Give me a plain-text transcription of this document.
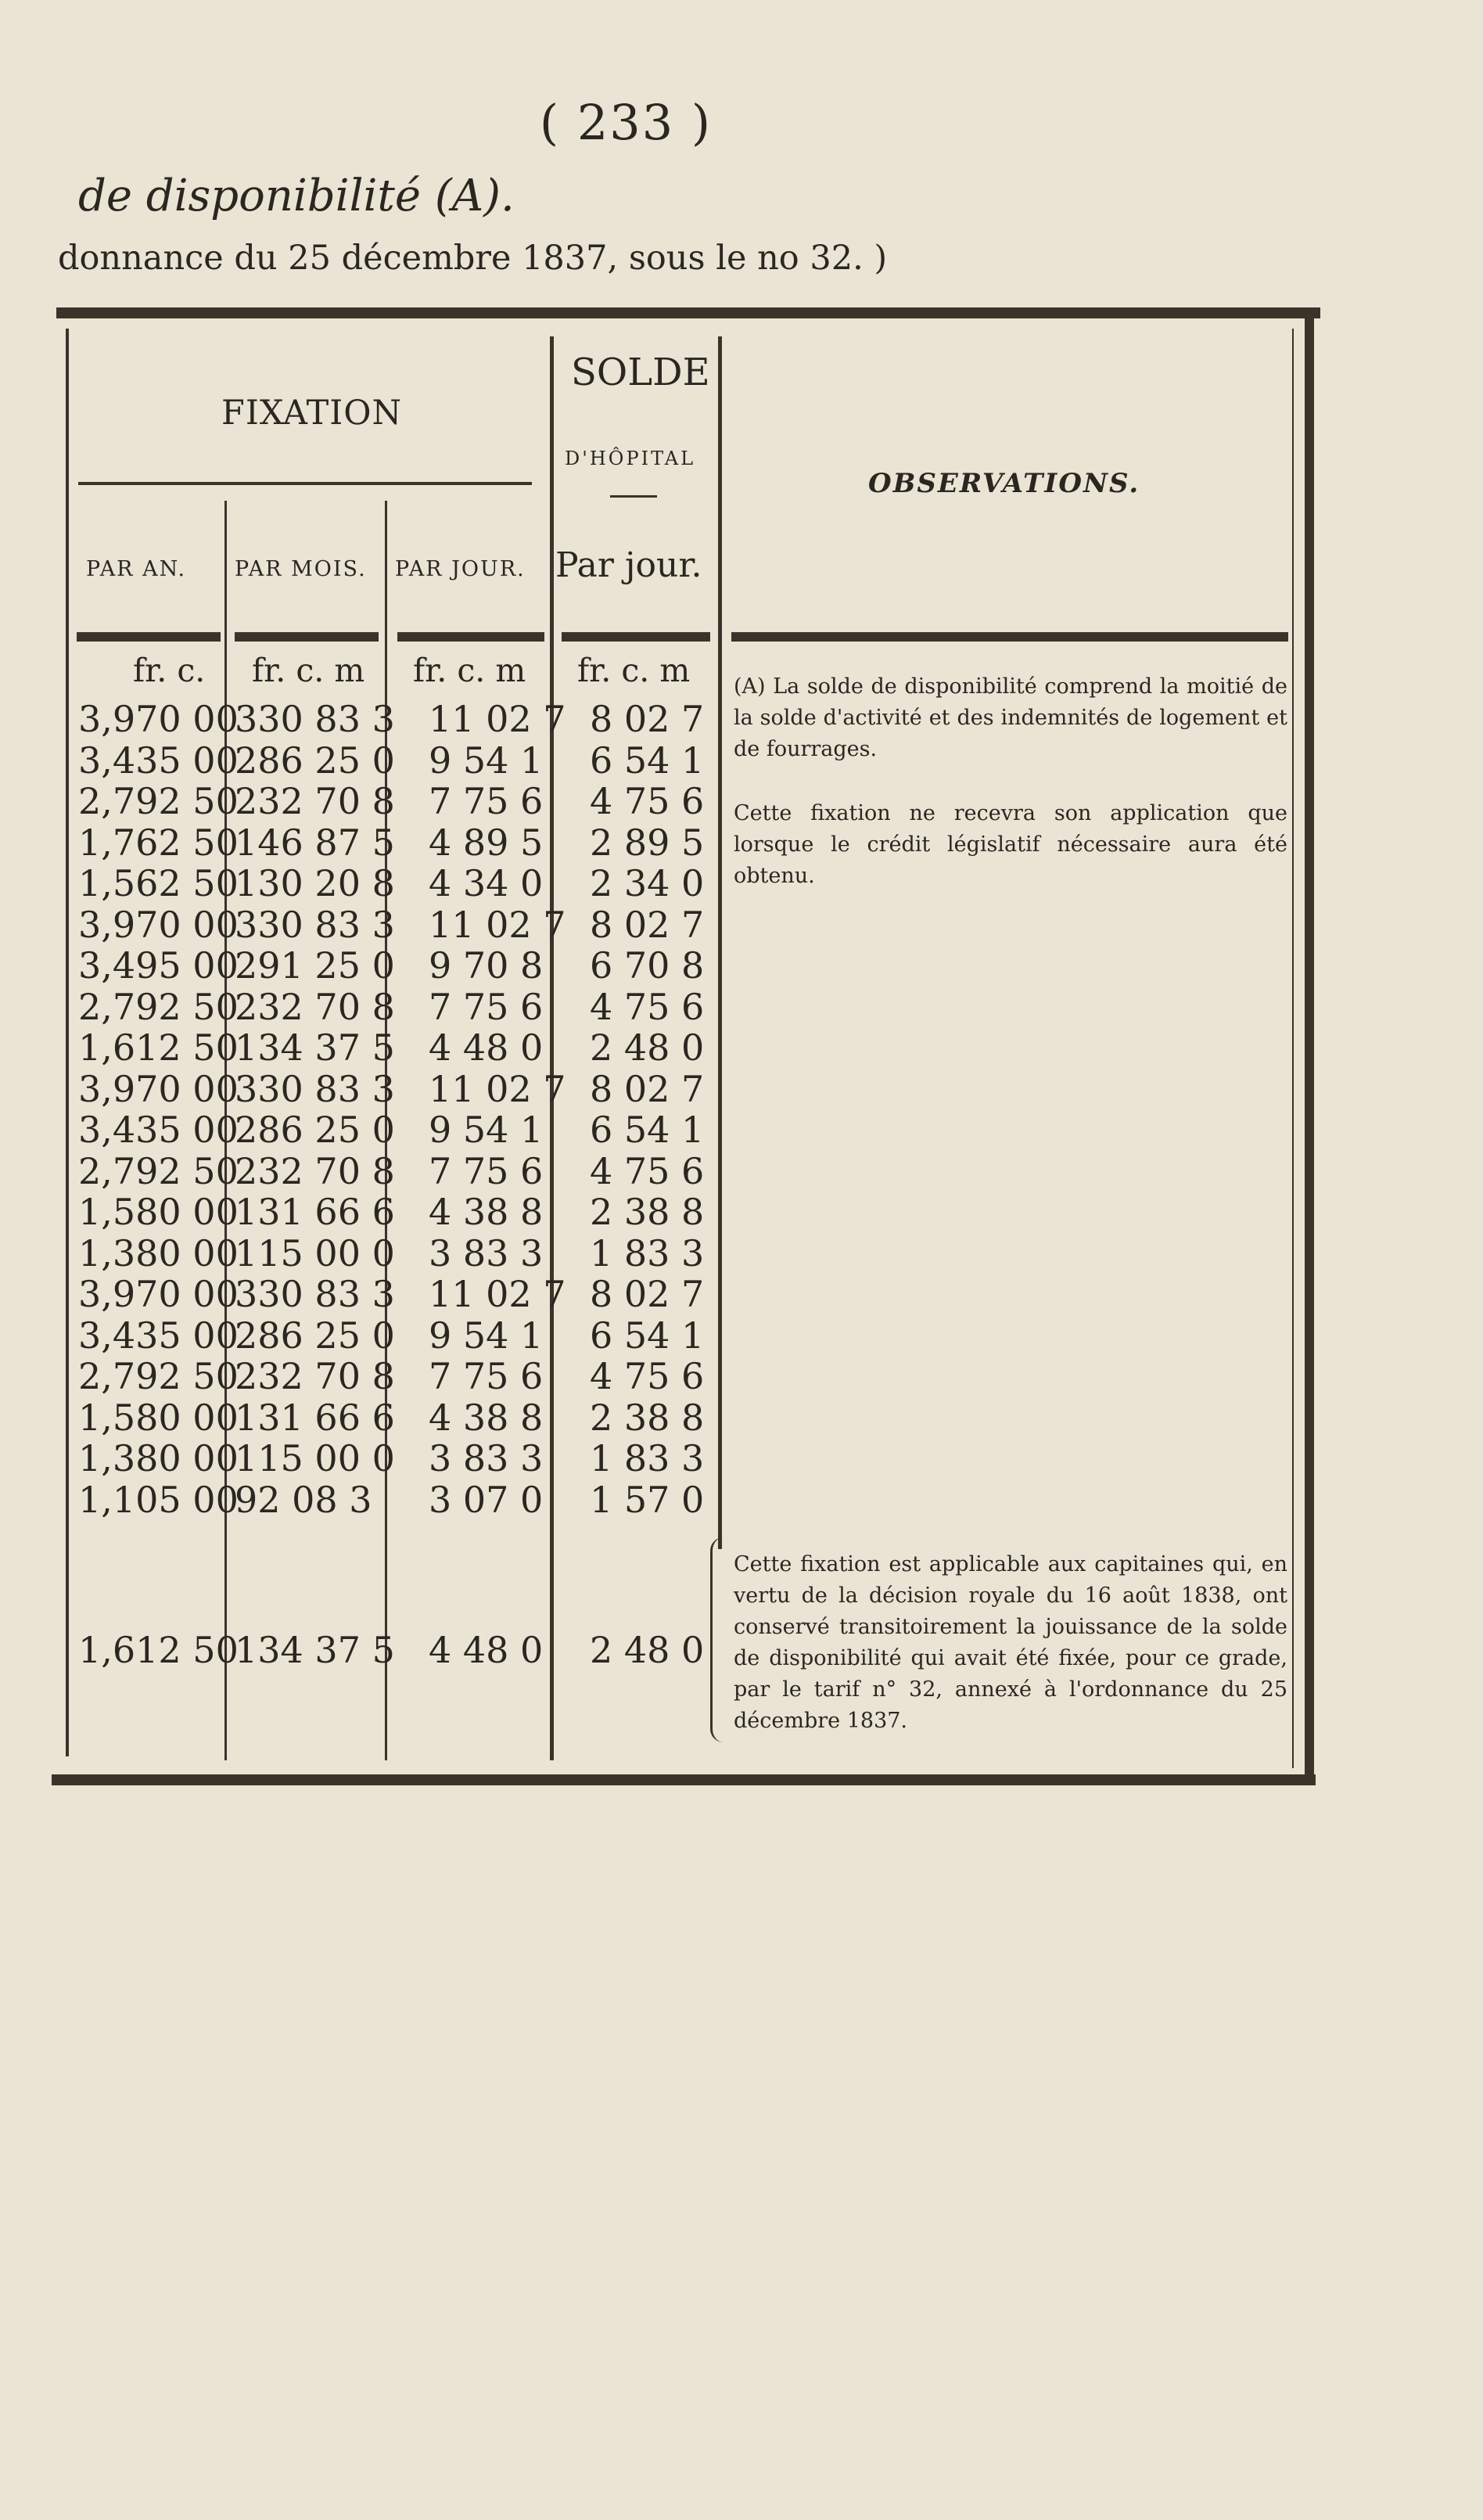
( 233 )
de disponibilité (A).
donnance du 25 décembre 1837, sous le no 32. )
FIXATION
PAR AN. PAR MOIS. PAR JOUR.
SOLDE
D'HÔPITAL
Par jour.
OBSERVATIONS.
fr. c. fr. c. m fr. c. m fr. c. m
3,970 00
330 83 3 11 02 7 8 02 7
3,435 00
286 25 0 9 54 1 6 54 1
2,792 50
232 70 8 7 75 6 4 75 6
1,762 50
146 87 5 4 89 5 2 89 5
1,562 50
130 20 8 4 34 0 2 34 0
3,970 00
330 83 3 11 02 7 8 02 7
3,495 00
291 25 0 9 70 8 6 70 8
2,792 50
232 70 8 7 75 6 4 75 6
1,612 50
134 37 5 4 48 0 2 48 0
3,970 00
330 83 3 11 02 7 8 02 7
3,435 00
286 25 0 9 54 1 6 54 1
2,792 50
232 70 8 7 75 6 4 75 6
1,580 00
131 66 6 4 38 8 2 38 8
1,380 00
115 00 0 3 83 3 1 83 3
3,970 00
330 83 3 11 02 7 8 02 7
3,435 00
286 25 0 9 54 1 6 54 1
2,792 50
232 70 8 7 75 6 4 75 6
1,580 00
131 66 6 4 38 8 2 38 8
1,380 00
115 00 0 3 83 3 1 83 3
1,105 00
92 08 3 3 07 0 1 57 0
1,612 50
134 37 5 4 48 0 2 48 0
(A) La solde de disponibilité comprend la moitié de la solde d'activité et des indemnités de logement et de fourrages.
Cette fixation ne recevra son application que lorsque le crédit législatif nécessaire aura été obtenu.
Cette fixation est applicable aux capitaines qui, en vertu de la décision royale du 16 août 1838, ont conservé transitoirement la jouissance de la solde de disponibilité qui avait été fixée, pour ce grade, par le tarif n° 32, annexé à l'ordonnance du 25 décembre 1837.
